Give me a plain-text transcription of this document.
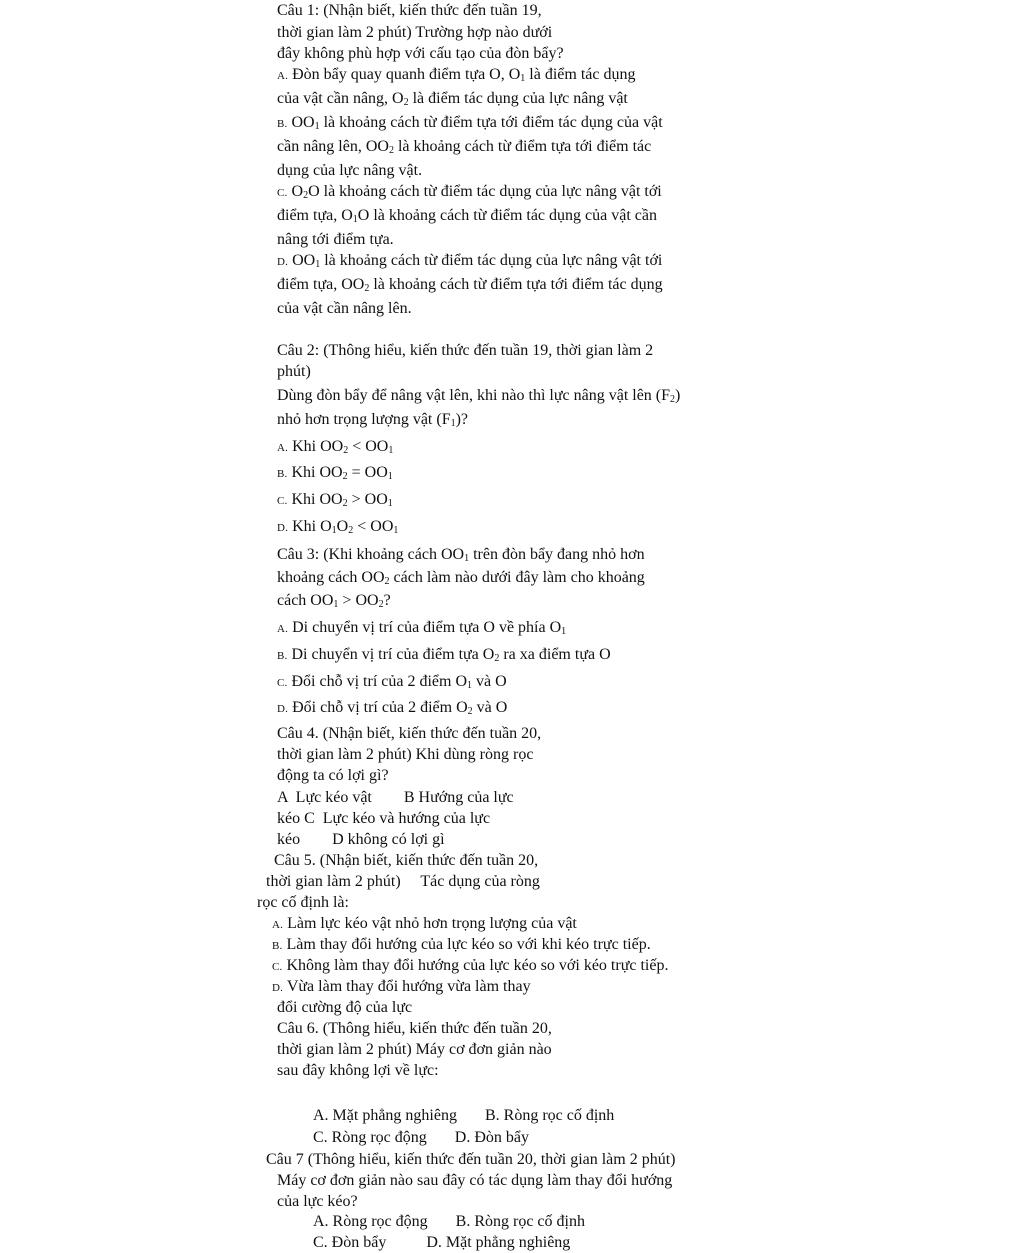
Câu 1: (Nhận biết, kiến thức đến tuần 19,
thời gian làm 2 phút) Trường hợp nào dưới
đây không phù hợp với cấu tạo của đòn bẩy?
A. Đòn bẩy quay quanh điểm tựa O, $O_1$ là điểm tác dụng
của vật cần nâng, $O_2$ là điểm tác dụng của lực nâng vật
B. $OO_1$ là khoảng cách từ điểm tựa tới điểm tác dụng của vật
cần nâng lên, $OO_2$ là khoảng cách từ điểm tựa tới điểm tác
dụng của lực nâng vật.
C. $O_2O$ là khoảng cách từ điểm tác dụng của lực nâng vật tới
điểm tựa, $O_1O$ là khoảng cách từ điểm tác dụng của vật cần
nâng tới điểm tựa.
D. $OO_1$ là khoảng cách từ điểm tác dụng của lực nâng vật tới
điểm tựa, $OO_2$ là khoảng cách từ điểm tựa tới điểm tác dụng
của vật cần nâng lên.
Câu 2: (Thông hiểu, kiến thức đến tuần 19, thời gian làm 2
phút)
Dùng đòn bẩy để nâng vật lên, khi nào thì lực nâng vật lên $(F_2)$
nhỏ hơn trọng lượng vật $(F_1)$?
A. Khi $OO_2 < OO_1$
B. Khi $OO_2 = OO_1$
C. Khi $OO_2 > OO_1$
D. Khi $O_1O_2 < OO_1$
Câu 3: (Khi khoảng cách $OO_1$ trên đòn bẩy đang nhỏ hơn
khoảng cách $OO_2$ cách làm nào dưới đây làm cho khoảng
cách $OO_1 > OO_2$?
A. Di chuyển vị trí của điểm tựa O về phía $O_1$
B. Di chuyển vị trí của điểm tựa $O_2$ ra xa điểm tựa O
C. Đổi chỗ vị trí của 2 điểm $O_1$ và O
D. Đổi chỗ vị trí của 2 điểm $O_2$ và O
Câu 4. (Nhận biết, kiến thức đến tuần 20,
thời gian làm 2 phút) Khi dùng ròng rọc
động ta có lợi gì?
A  Lực kéo vật        B Hướng của lực
kéo C  Lực kéo và hướng của lực
kéo        D không có lợi gì
Câu 5. (Nhận biết, kiến thức đến tuần 20,
thời gian làm 2 phút)     Tác dụng của ròng
rọc cố định là:
A. Làm lực kéo vật nhỏ hơn trọng lượng của vật
B. Làm thay đổi hướng của lực kéo so với khi kéo trực tiếp.
C. Không làm thay đổi hướng của lực kéo so với kéo trực tiếp.
D. Vừa làm thay đổi hướng vừa làm thay
đổi cường độ của lực
Câu 6. (Thông hiểu, kiến thức đến tuần 20,
thời gian làm 2 phút) Máy cơ đơn giản nào
sau đây không lợi về lực:
A. Mặt phẳng nghiêng       B. Ròng rọc cố định
C. Ròng rọc động       D. Đòn bẩy
Câu 7 (Thông hiểu, kiến thức đến tuần 20, thời gian làm 2 phút)
Máy cơ đơn giản nào sau đây có tác dụng làm thay đổi hướng
của lực kéo?
A. Ròng rọc động       B. Ròng rọc cố định
C. Đòn bẩy          D. Mặt phẳng nghiêng
